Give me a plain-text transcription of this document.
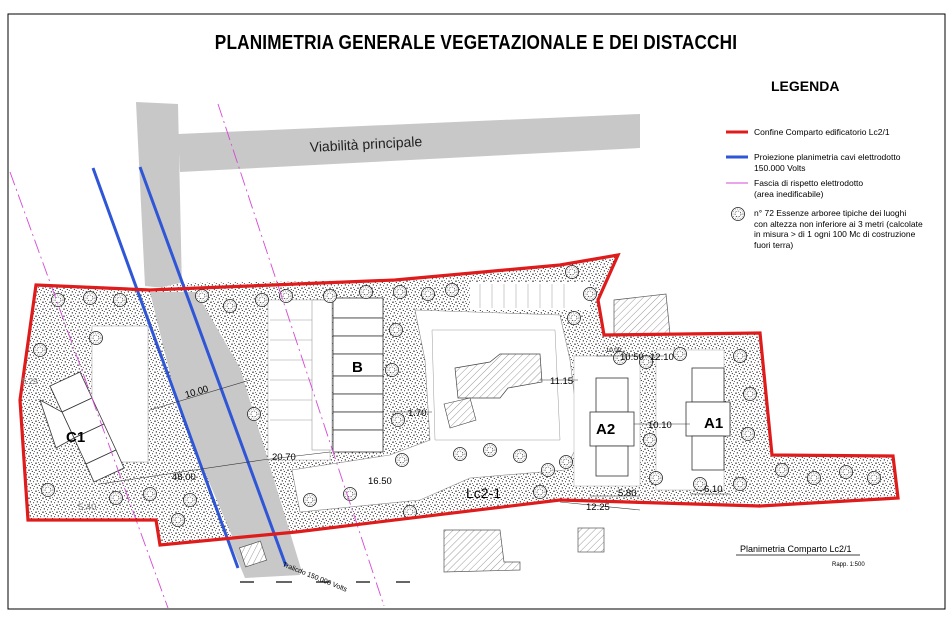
Viabilità principale
B
C1	A2	A1
Lc2-1
10.00
11.15
1.70
20.70
16.50
48.00
5.40
5.29
10.50 12.10
10.00
10.10
12.25
5.80	6.10
Tralicdo 150.000 Volts
Planimetria Comparto Lc2/1
Rapp. 1:500
PLANIMETRIA GENERALE VEGETAZIONALE E DEI DISTACCHI
LEGENDA
Confine Comparto edificatorio Lc2/1
Proiezione planimetria cavi elettrodotto
150.000 Volts
Fascia di rispetto elettrodotto
(area inedificabile)
n° 72 Essenze arboree tipiche dei luoghi
con altezza non inferiore ai 3 metri (calcolate
in misura > di 1 ogni 100 Mc di costruzione
fuori terra)
